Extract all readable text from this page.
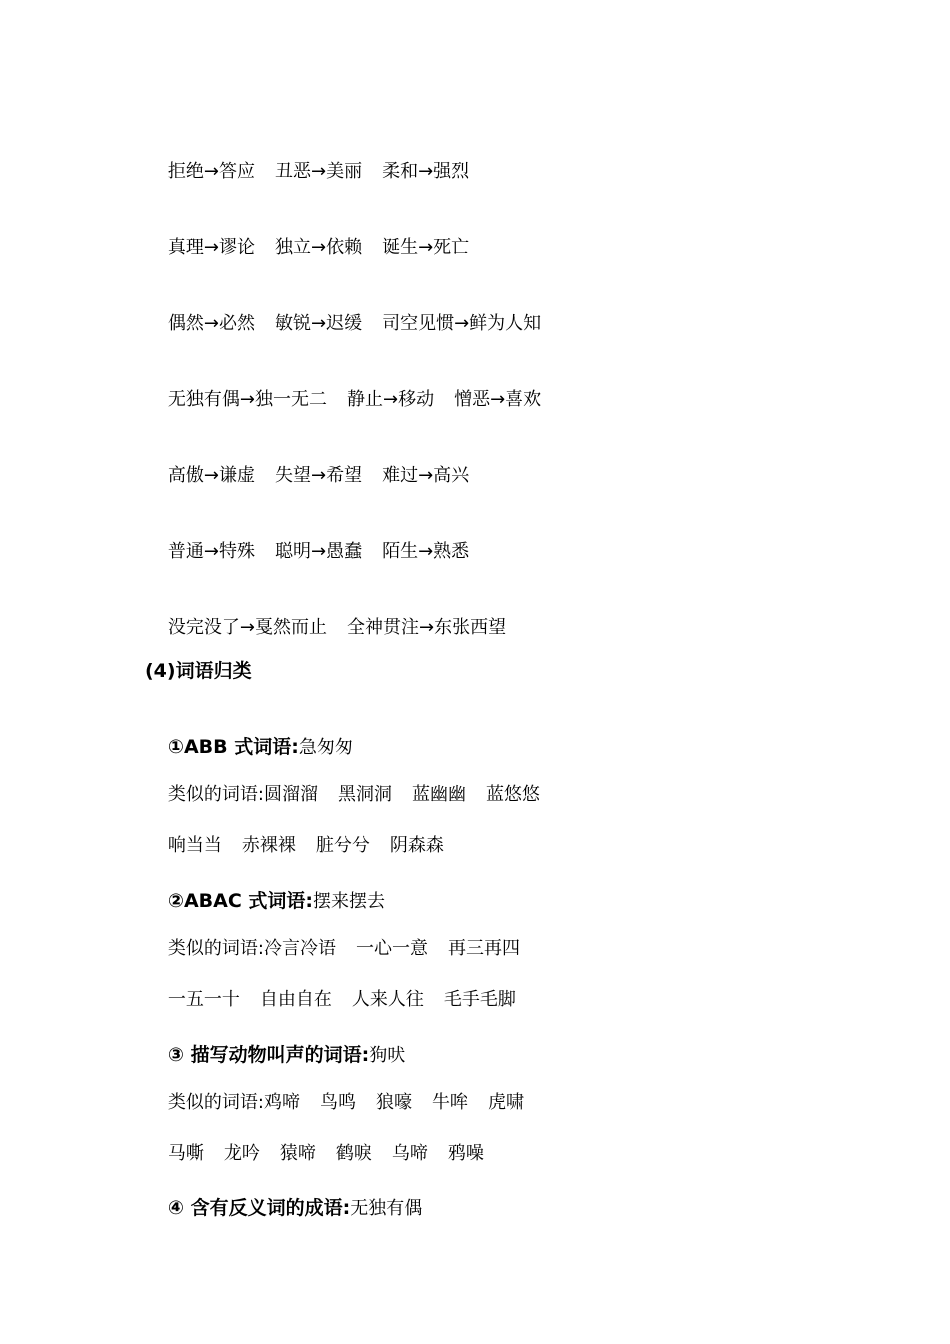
拒绝→答应 丑恶→美丽 柔和→强烈

真理→谬论 独立→依赖 诞生→死亡

偶然→必然 敏锐→迟缓 司空见惯→鲜为人知

无独有偶→独一无二 静止→移动 憎恶→喜欢

高傲→谦虚 失望→希望 难过→高兴

普通→特殊 聪明→愚蠢 陌生→熟悉

没完没了→戛然而止 全神贯注→东张西望

(4)词语归类

①ABB 式词语:急匆匆

类似的词语:圆溜溜 黑洞洞 蓝幽幽 蓝悠悠

响当当 赤裸裸 脏兮兮 阴森森

②ABAC 式词语:摆来摆去

类似的词语:冷言冷语 一心一意 再三再四

一五一十 自由自在 人来人往 毛手毛脚

③ 描写动物叫声的词语:狗吠

类似的词语:鸡啼 鸟鸣 狼嚎 牛哞 虎啸

马嘶 龙吟 猿啼 鹤唳 乌啼 鸦噪

④ 含有反义词的成语:无独有偶
